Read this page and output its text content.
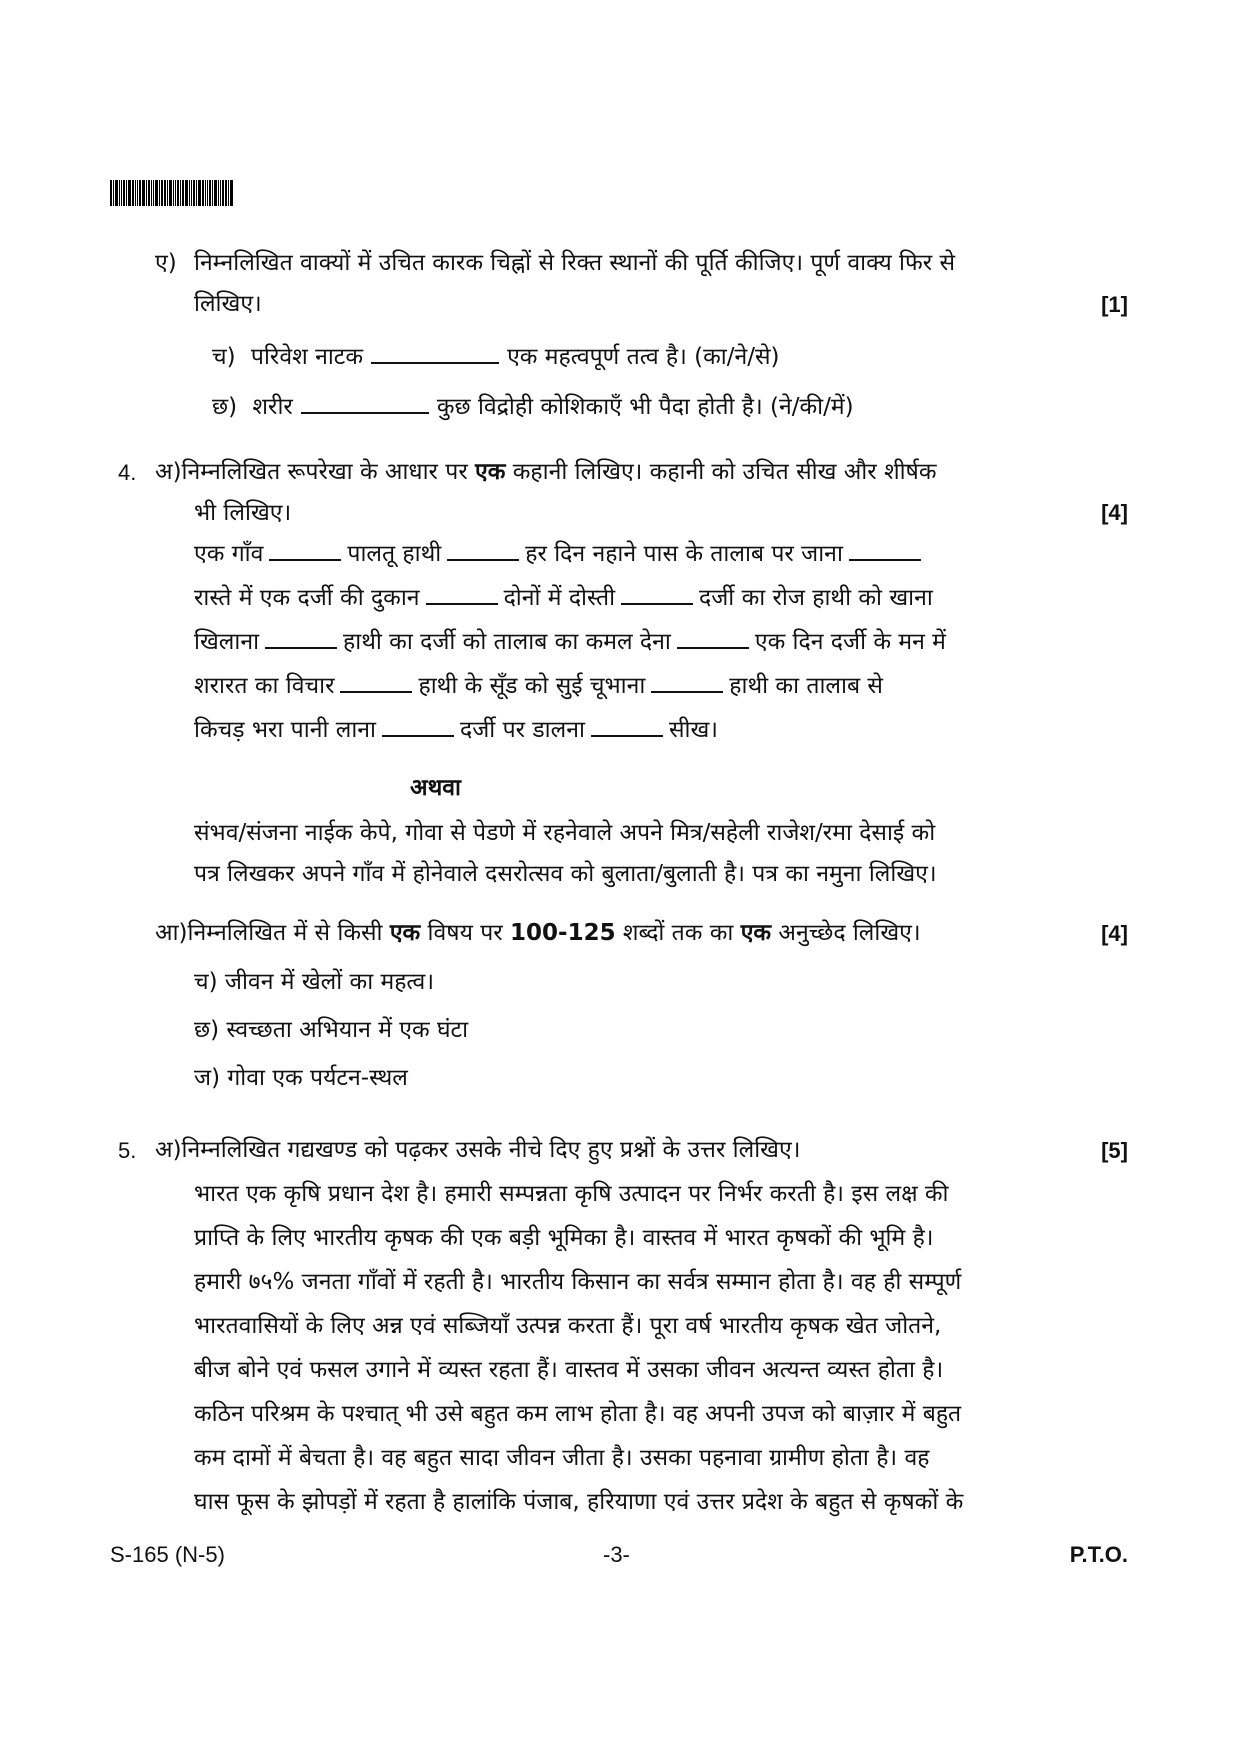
ए) निम्नलिखित वाक्यों में उचित कारक चिह्नों से रिक्त स्थानों की पूर्ति कीजिए। पूर्ण वाक्य फिर से
लिखिए।	[1]
च) परिवेश नाटक	एक महत्वपूर्ण तत्व है। (का/ने/से)
छ) शरीर	कुछ विद्रोही कोशिकाएँ भी पैदा होती है। (ने/की/में)
4. अ)निम्नलिखित रूपरेखा के आधार पर एक कहानी लिखिए। कहानी को उचित सीख और शीर्षक
भी लिखिए।	[4]
एक गाँव	पालतू हाथी	हर दिन नहाने पास के तालाब पर जाना
रास्ते में एक दर्जी की दुकान	दोनों में दोस्ती	दर्जी का रोज हाथी को खाना
खिलाना	हाथी का दर्जी को तालाब का कमल देना	एक दिन दर्जी के मन में
शरारत का विचार	हाथी के सूँड को सुई चूभाना	हाथी का तालाब से
किचड़ भरा पानी लाना	दर्जी पर डालना	सीख।
अथवा
संभव/संजना नाईक केपे, गोवा से पेडणे में रहनेवाले अपने मित्र/सहेली राजेश/रमा देसाई को
पत्र लिखकर अपने गाँव में होनेवाले दसरोत्सव को बुलाता/बुलाती है। पत्र का नमुना लिखिए।
आ)निम्नलिखित में से किसी एक विषय पर 100-125 शब्दों तक का एक अनुच्छेद लिखिए।	[4]
च) जीवन में खेलों का महत्व।
छ) स्वच्छता अभियान में एक घंटा
ज) गोवा एक पर्यटन-स्थल
5. अ)निम्नलिखित गद्यखण्ड को पढ़कर उसके नीचे दिए हुए प्रश्नों के उत्तर लिखिए।	[5]
भारत एक कृषि प्रधान देश है। हमारी सम्पन्नता कृषि उत्पादन पर निर्भर करती है। इस लक्ष की
प्राप्ति के लिए भारतीय कृषक की एक बड़ी भूमिका है। वास्तव में भारत कृषकों की भूमि है।
हमारी ७५% जनता गाँवों में रहती है। भारतीय किसान का सर्वत्र सम्मान होता है। वह ही सम्पूर्ण
भारतवासियों के लिए अन्न एवं सब्जियाँ उत्पन्न करता हैं। पूरा वर्ष भारतीय कृषक खेत जोतने,
बीज बोने एवं फसल उगाने में व्यस्त रहता हैं। वास्तव में उसका जीवन अत्यन्त व्यस्त होता है।
कठिन परिश्रम के पश्चात् भी उसे बहुत कम लाभ होता है। वह अपनी उपज को बाज़ार में बहुत
कम दामों में बेचता है। वह बहुत सादा जीवन जीता है। उसका पहनावा ग्रामीण होता है। वह
घास फूस के झोपड़ों में रहता है हालांकि पंजाब, हरियाणा एवं उत्तर प्रदेश के बहुत से कृषकों के
S-165 (N-5)	-3-	P.T.O.
